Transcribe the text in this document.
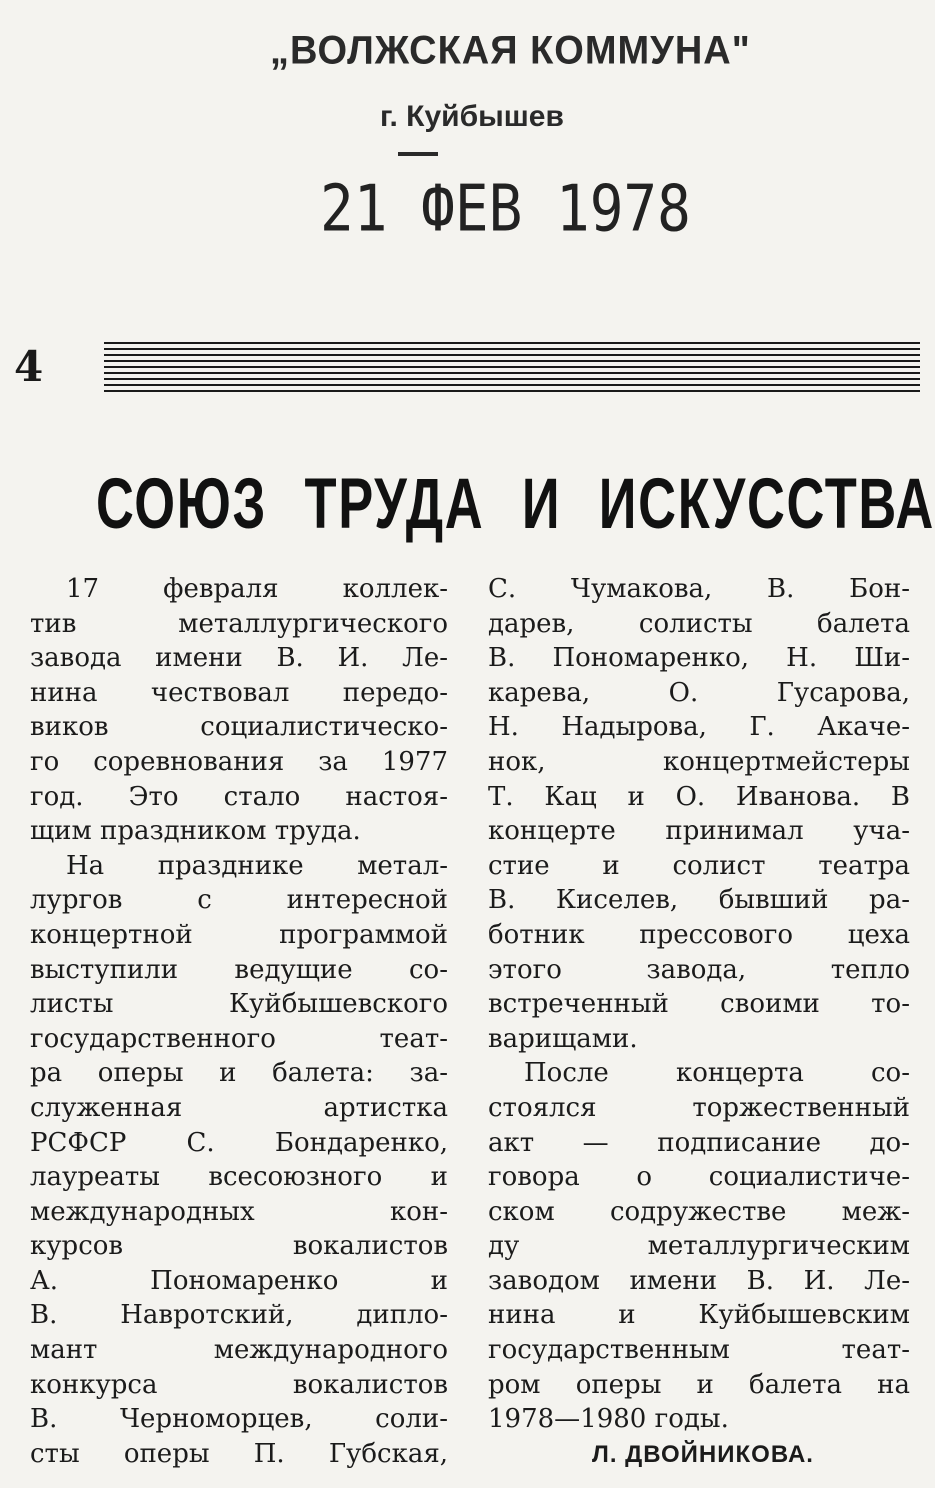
„ВОЛЖСКАЯ КОММУНА"
г. Куйбышев
21 ФЕВ 1978
4
СОЮЗ ТРУДА И ИСКУССТВА
17 февраля коллек-
тив металлургического
завода имени В. И. Ле-
нина чествовал передо-
виков социалистическо-
го соревнования за 1977
год. Это стало настоя-
щим праздником труда.
На празднике метал-
лургов с интересной
концертной программой
выступили ведущие со-
листы Куйбышевского
государственного теат-
ра оперы и балета: за-
служенная артистка
РСФСР С. Бондаренко,
лауреаты всесоюзного и
международных кон-
курсов вокалистов
А. Пономаренко и
В. Навротский, дипло-
мант международного
конкурса вокалистов
В. Черноморцев, соли-
сты оперы П. Губская,
С. Чумакова, В. Бон-
дарев, солисты балета
В. Пономаренко, Н. Ши-
карева, О. Гусарова,
Н. Надырова, Г. Акаче-
нок, концертмейстеры
Т. Кац и О. Иванова. В
концерте принимал уча-
стие и солист театра
В. Киселев, бывший ра-
ботник прессового цеха
этого завода, тепло
встреченный своими то-
варищами.
После концерта со-
стоялся торжественный
акт — подписание до-
говора о социалистиче-
ском содружестве меж-
ду металлургическим
заводом имени В. И. Ле-
нина и Куйбышевским
государственным теат-
ром оперы и балета на
1978—1980 годы.
Л. ДВОЙНИКОВА.
